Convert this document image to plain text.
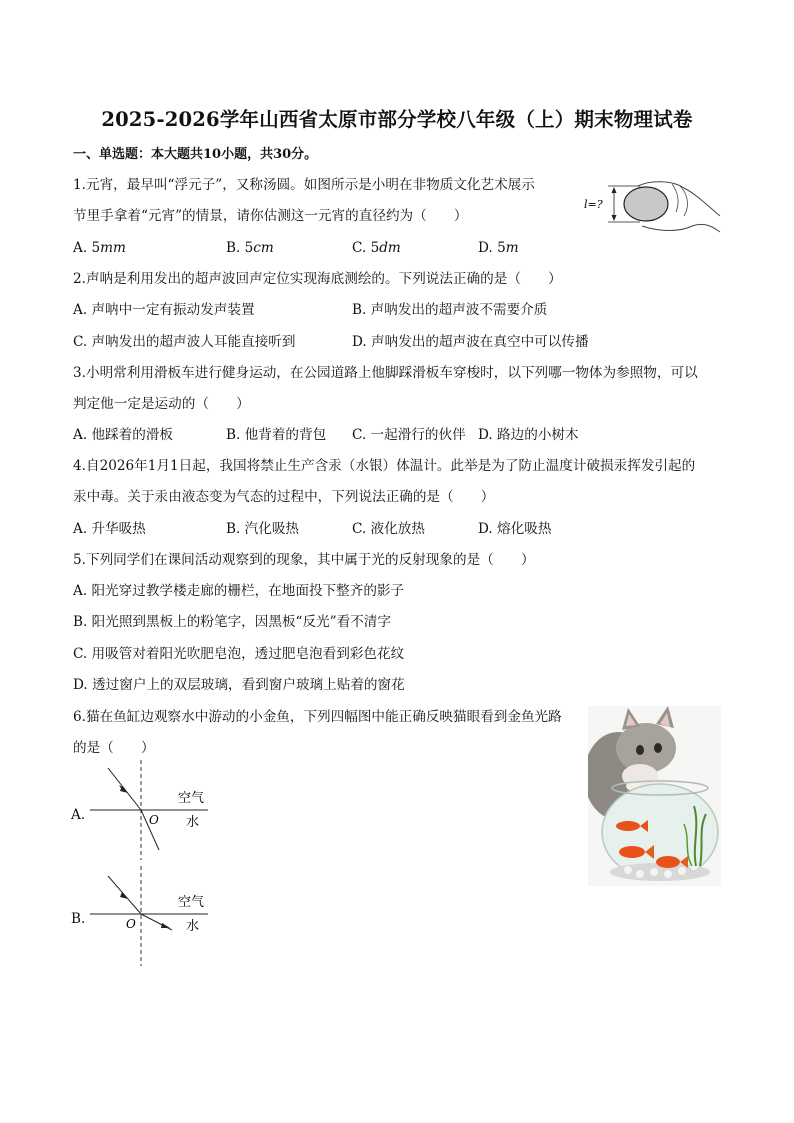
2025-2026学年山西省太原市部分学校八年级（上）期末物理试卷
一、单选题：本大题共10小题，共30分。
1.元宵，最早叫“浮元子”，又称汤圆。如图所示是小明在非物质文化艺术展示
节里手拿着“元宵”的情景，请你估测这一元宵的直径约为（　　）
l=?
A. 5mm	B. 5cm	C. 5dm	D. 5m
2.声呐是利用发出的超声波回声定位实现海底测绘的。下列说法正确的是（　　）
A. 声呐中一定有振动发声装置	B. 声呐发出的超声波不需要介质
C. 声呐发出的超声波人耳能直接听到	D. 声呐发出的超声波在真空中可以传播
3.小明常利用滑板车进行健身运动，在公园道路上他脚踩滑板车穿梭时，以下列哪一物体为参照物，可以
判定他一定是运动的（　　）
A. 他踩着的滑板	B. 他背着的背包 C. 一起滑行的伙伴 D. 路边的小树木
4.自2026年1月1日起，我国将禁止生产含汞（水银）体温计。此举是为了防止温度计破损汞挥发引起的
汞中毒。关于汞由液态变为气态的过程中，下列说法正确的是（　　）
A. 升华吸热	B. 汽化吸热	C. 液化放热	D. 熔化吸热
5.下列同学们在课间活动观察到的现象，其中属于光的反射现象的是（　　）
A. 阳光穿过教学楼走廊的栅栏，在地面投下整齐的影子
B. 阳光照到黑板上的粉笔字，因黑板“反光”看不清字
C. 用吸管对着阳光吹肥皂泡，透过肥皂泡看到彩色花纹
D. 透过窗户上的双层玻璃，看到窗户玻璃上贴着的窗花
6.猫在鱼缸边观察水中游动的小金鱼，下列四幅图中能正确反映猫眼看到金鱼光路
的是（　　）
A.	O
空气
水
B.	O
空气
水
